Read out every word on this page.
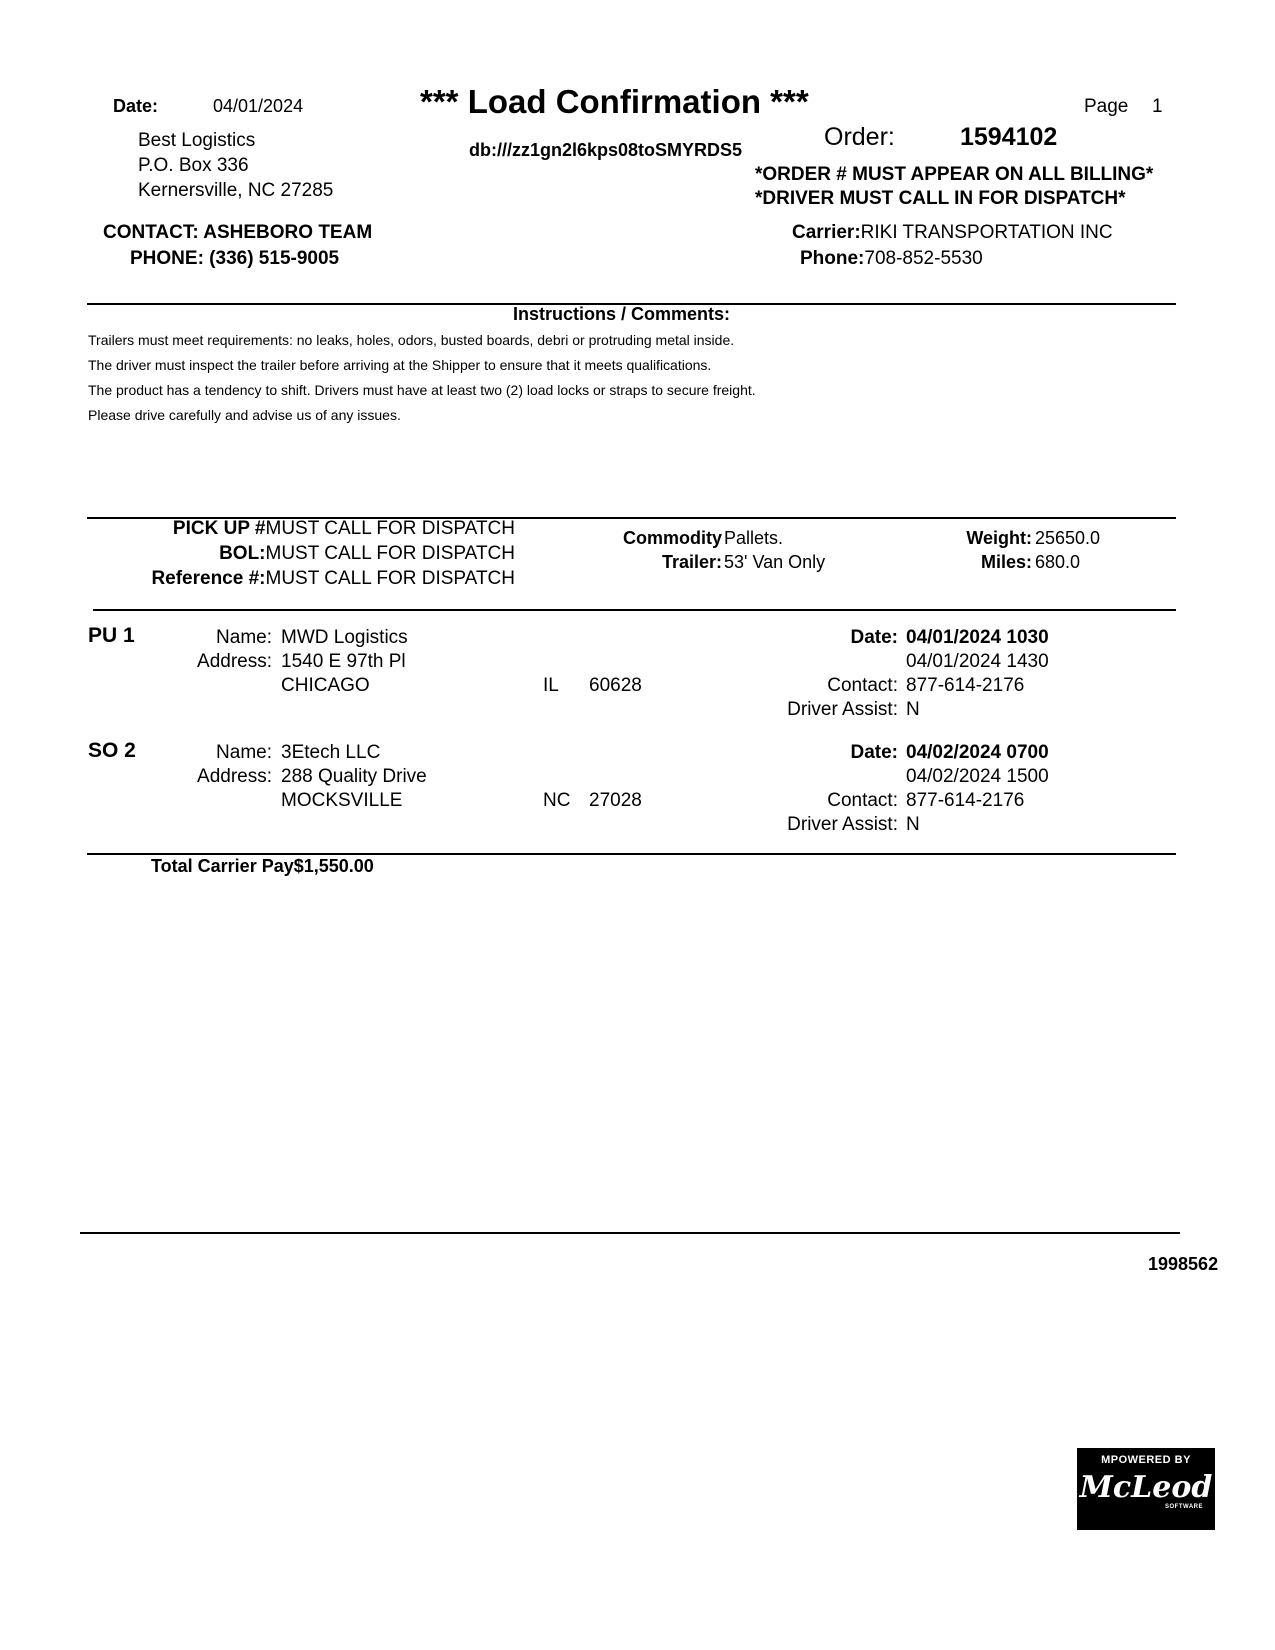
Date:	04/01/2024	*** Load Confirmation ***	Page 1
Best Logistics
P.O. Box 336
Kernersville, NC 27285
db:///zz1gn2l6kps08toSMYRDS5	Order:	1594102
*ORDER # MUST APPEAR ON ALL BILLING*
*DRIVER MUST CALL IN FOR DISPATCH*
CONTACT: ASHEBORO TEAM
PHONE: (336) 515-9005
Carrier:RIKI TRANSPORTATION INC
Phone:708-852-5530
Instructions / Comments:
Trailers must meet requirements: no leaks, holes, odors, busted boards, debri or protruding metal inside.
The driver must inspect the trailer before arriving at the Shipper to ensure that it meets qualifications.
The product has a tendency to shift. Drivers must have at least two (2) load locks or straps to secure freight.
Please drive carefully and advise us of any issues.
PICK UP #MUST CALL FOR DISPATCH
BOL:MUST CALL FOR DISPATCH
Reference #:MUST CALL FOR DISPATCH
Commodity Pallets.
Trailer: 53' Van Only
Weight: 25650.0
Miles: 680.0
PU 1	Name: MWD Logistics
Address: 1540 E 97th Pl
CHICAGO	IL 60628
Date: 04/01/2024 1030
04/01/2024 1430
Contact: 877-614-2176
Driver Assist: N
SO 2	Name: 3Etech LLC
Address: 288 Quality Drive
MOCKSVILLE	NC 27028
Date: 04/02/2024 0700
04/02/2024 1500
Contact: 877-614-2176
Driver Assist: N
Total Carrier Pay$1,550.00
1998562
MPOWERED BY
McLeod
SOFTWARE
